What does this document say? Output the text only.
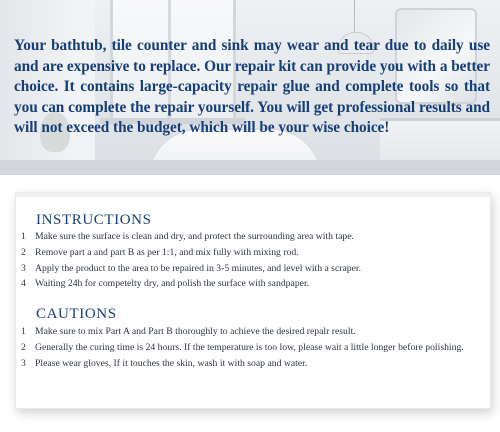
Your bathtub, tile counter and sink may wear and tear due to daily use and are expensive to replace. Our repair kit can provide you with a better choice. It contains large-capacity repair glue and complete tools so that you can complete the repair yourself. You will get professional results and will not exceed the budget, which will be your wise choice!

INSTRUCTIONS
1 Make sure the surface is clean and dry, and protect the surrounding area with tape.
2 Remove part a and part B as per 1:1, and mix fully with mixing rod.
3 Apply the product to the area to be repaired in 3-5 minutes, and level with a scraper.
4 Waiting 24h for competelty dry, and polish the surface with sandpaper.
CAUTIONS
1 Make sure to mix Part A and Part B thoroughly to achieve the desired repalr result.
2 Generally the curing time is 24 hours. If the temperature is too low, please wait a little longer before polishing.
3 Please wear gloves, If it touches the skin, wash it with soap and water.
